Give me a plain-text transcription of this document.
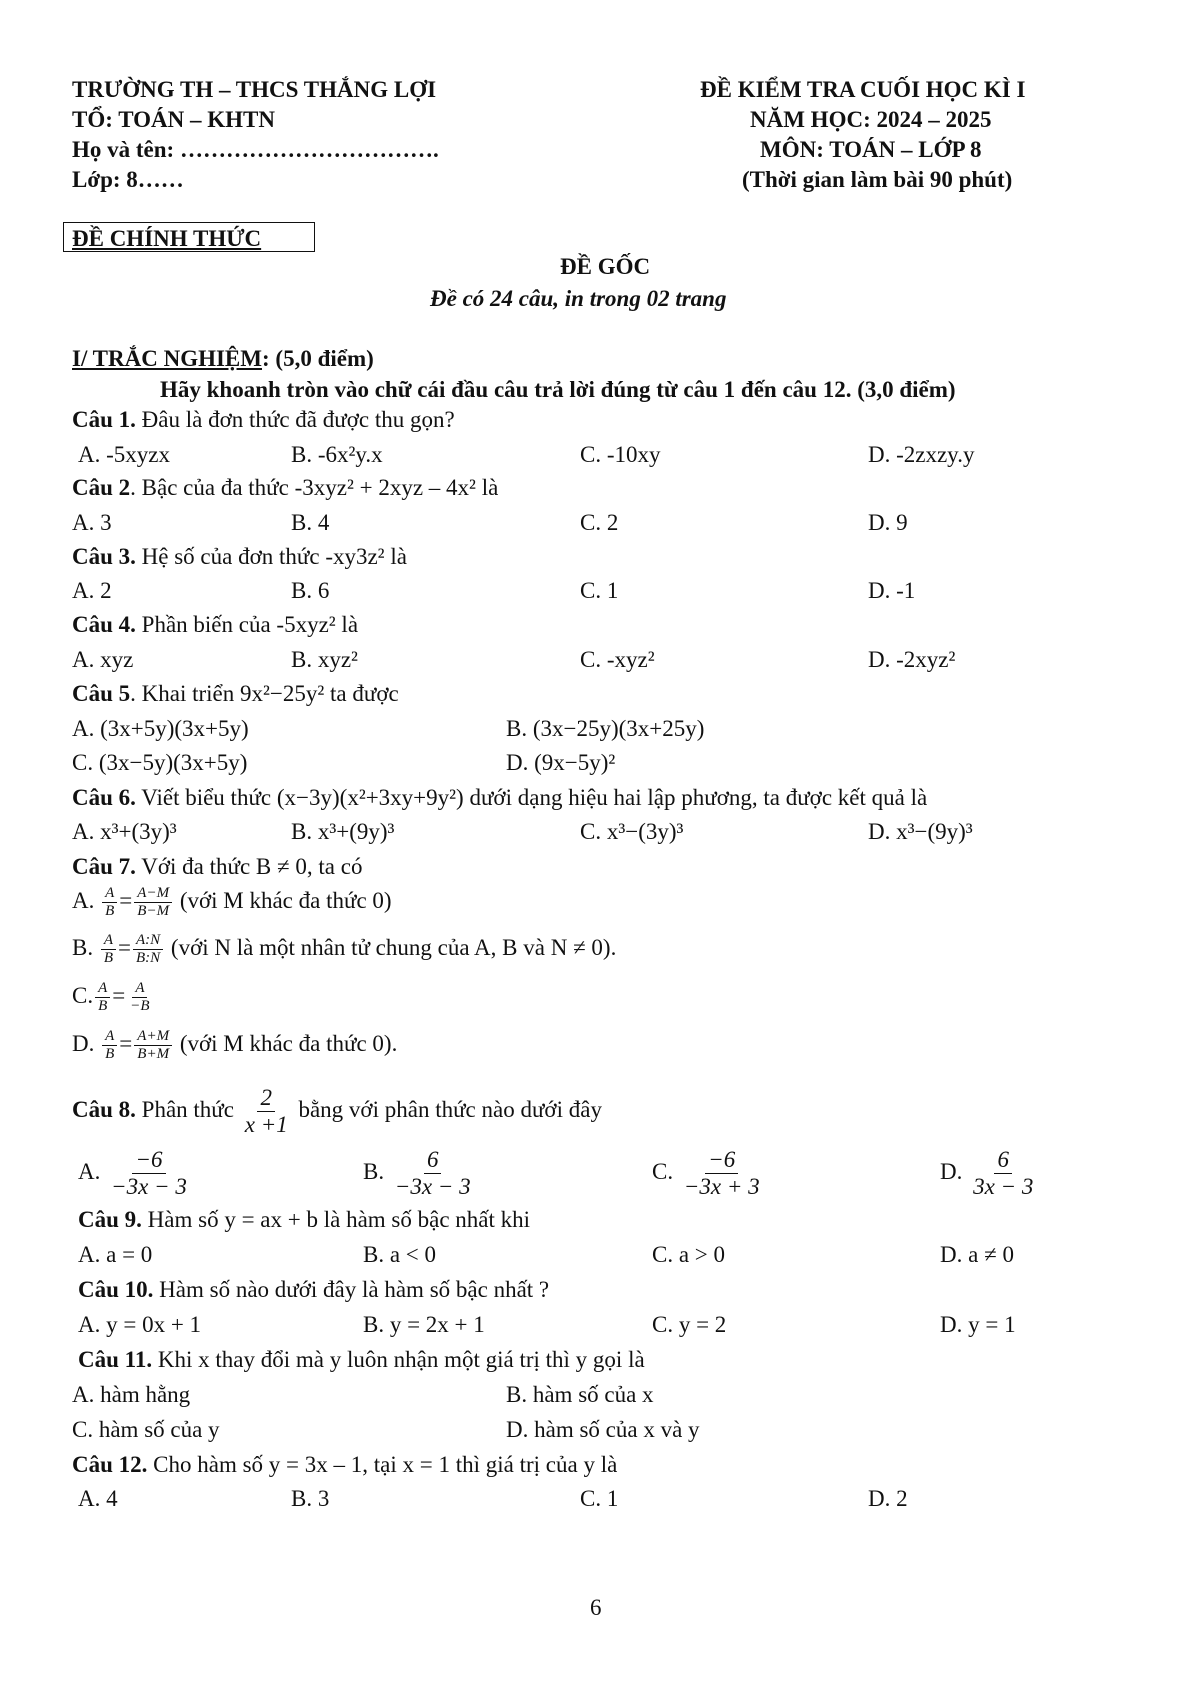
TRƯỜNG TH – THCS THẮNG LỢI
TỔ: TOÁN – KHTN
Họ và tên: …………………………….
Lớp: 8……
ĐỀ KIỂM TRA CUỐI HỌC KÌ I
NĂM HỌC: 2024 – 2025
MÔN: TOÁN – LỚP 8
(Thời gian làm bài 90 phút)
ĐỀ CHÍNH THỨC
ĐỀ GỐC
Đề có 24 câu, in trong 02 trang
I/ TRẮC NGHIỆM: (5,0 điểm)
Hãy khoanh tròn vào chữ cái đầu câu trả lời đúng từ câu 1 đến câu 12. (3,0 điểm)
Câu 1. Đâu là đơn thức đã được thu gọn?
A. -5xyzx	B. -6x²y.x	C. -10xy	D. -2zxzy.y
Câu 2. Bậc của đa thức -3xyz² + 2xyz – 4x² là
A. 3	B. 4	C. 2	D. 9
Câu 3. Hệ số của đơn thức -xy3z² là
A. 2	B. 6	C. 1	D. -1
Câu 4. Phần biến của -5xyz² là
A. xyz	B. xyz²	C. -xyz²	D. -2xyz²
Câu 5. Khai triển 9x²−25y² ta được
A. (3x+5y)(3x+5y)	B. (3x−25y)(3x+25y)
C. (3x−5y)(3x+5y)	D. (9x−5y)²
Câu 6. Viết biểu thức (x−3y)(x²+3xy+9y²) dưới dạng hiệu hai lập phương, ta được kết quả là
A. x³+(3y)³	B. x³+(9y)³	C. x³−(3y)³	D. x³−(9y)³
Câu 7. Với đa thức B ≠ 0, ta có
A. $\frac{A}{B} = \frac{A-M}{B-M}$ (với M khác đa thức 0)
B. $\frac{A}{B} = \frac{A:N}{B:N}$ (với N là một nhân tử chung của A, B và N ≠ 0).
C. $\frac{A}{B} = \frac{A}{-B}$
D. $\frac{A}{B} = \frac{A+M}{B+M}$ (với M khác đa thức 0).
Câu 8. Phân thức $\frac{2}{x +1}$ bằng với phân thức nào dưới đây
A. $\frac{-6}{-3x - 3}$	B. $\frac{6}{-3x - 3}$	C. $\frac{-6}{-3x + 3}$	D. $\frac{6}{3x - 3}$
Câu 9. Hàm số y = ax + b là hàm số bậc nhất khi
A. a = 0	B. a < 0	C. a > 0	D. a ≠ 0
Câu 10. Hàm số nào dưới đây là hàm số bậc nhất ?
A. y = 0x + 1	B. y = 2x + 1	C. y = 2	D. y = 1
Câu 11. Khi x thay đổi mà y luôn nhận một giá trị thì y gọi là
A. hàm hằng	B. hàm số của x
C. hàm số của y	D. hàm số của x và y
Câu 12. Cho hàm số y = 3x – 1, tại x = 1 thì giá trị của y là
A. 4	B. 3	C. 1	D. 2
6
